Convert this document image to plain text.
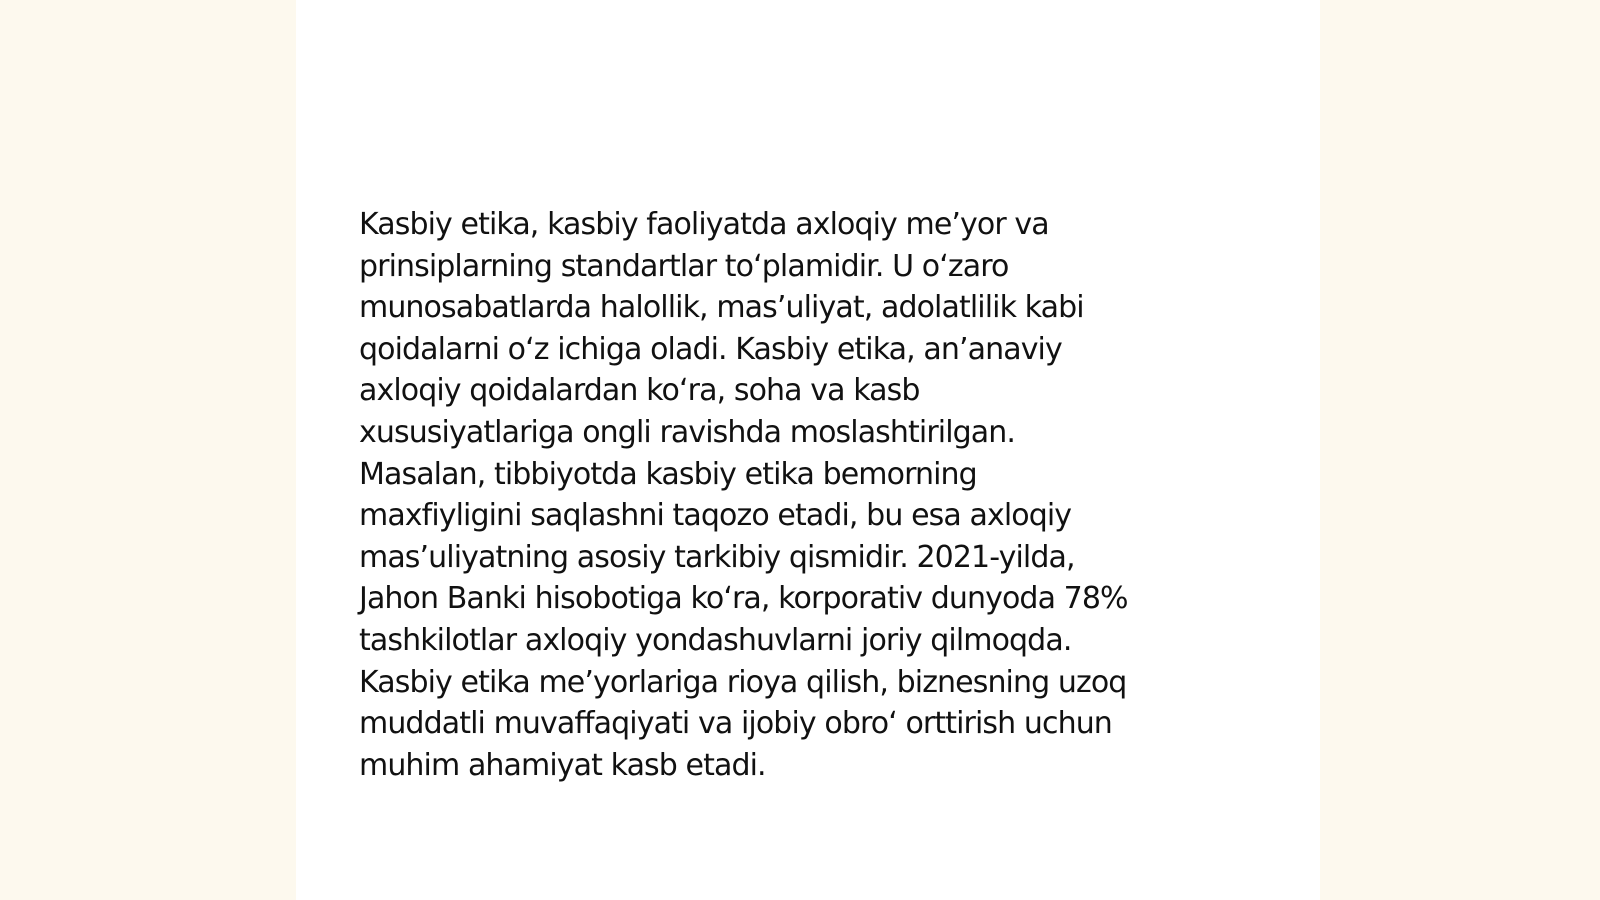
Kasbiy etika, kasbiy faoliyatda axloqiy me’yor va
prinsiplarning standartlar to‘plamidir. U o‘zaro
munosabatlarda halollik, mas’uliyat, adolatlilik kabi
qoidalarni o‘z ichiga oladi. Kasbiy etika, an’anaviy
axloqiy qoidalardan ko‘ra, soha va kasb
xususiyatlariga ongli ravishda moslashtirilgan.
Masalan, tibbiyotda kasbiy etika bemorning
maxfiyligini saqlashni taqozo etadi, bu esa axloqiy
mas’uliyatning asosiy tarkibiy qismidir. 2021-yilda,
Jahon Banki hisobotiga ko‘ra, korporativ dunyoda 78%
tashkilotlar axloqiy yondashuvlarni joriy qilmoqda.
Kasbiy etika me’yorlariga rioya qilish, biznesning uzoq
muddatli muvaffaqiyati va ijobiy obro‘ orttirish uchun
muhim ahamiyat kasb etadi.
